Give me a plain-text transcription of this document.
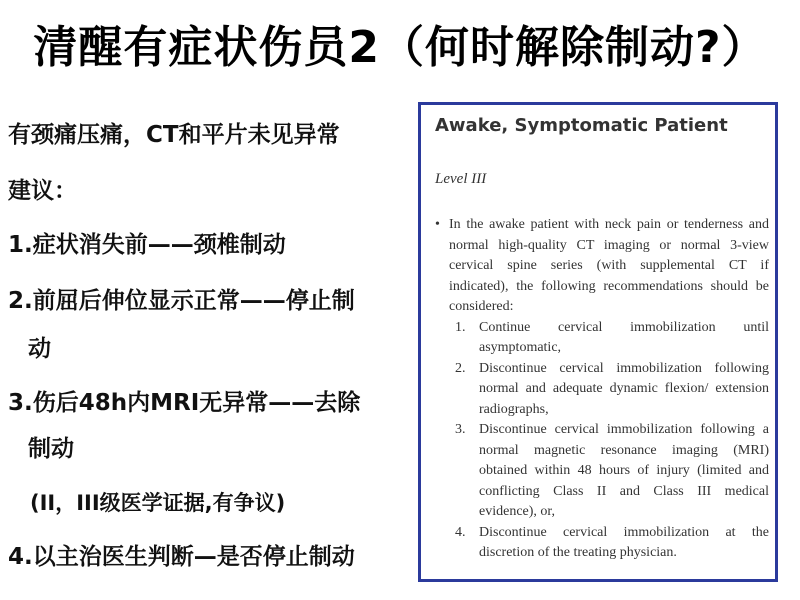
清醒有症状伤员2（何时解除制动?）
有颈痛压痛，CT和平片未见异常
建议：
1.症状消失前——颈椎制动
2.前屈后伸位显示正常——停止制
动
3.伤后48h内MRI无异常——去除
制动
(II，III级医学证据,有争议)
4.以主治医生判断—是否停止制动
Awake, Symptomatic Patient
Level III
• In the awake patient with neck pain or tenderness and normal high-quality CT imaging or normal 3-view cervical spine series (with supplemental CT if indicated), the following recommendations should be considered:
1. Continue cervical immobilization until asymptomatic,
2. Discontinue cervical immobilization following normal and adequate dynamic flexion/ extension radiographs,
3. Discontinue cervical immobilization following a normal magnetic resonance imaging (MRI) obtained within 48 hours of injury (limited and conflicting Class II and Class III medical evidence), or,
4. Discontinue cervical immobilization at the discretion of the treating physician.
